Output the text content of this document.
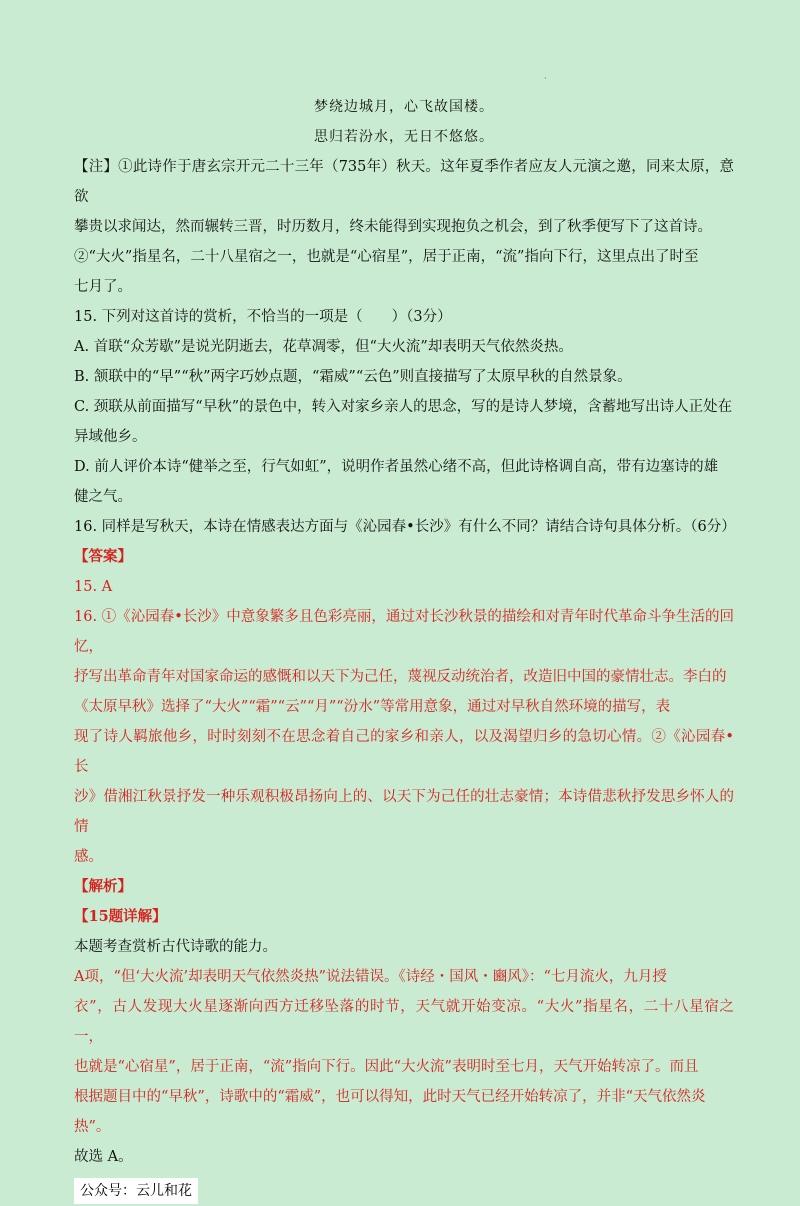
·
梦绕边城月，心飞故国楼。
思归若汾水，无日不悠悠。

【注】①此诗作于唐玄宗开元二十三年（735年）秋天。这年夏季作者应友人元演之邀，同来太原，意欲

攀贵以求闻达，然而辗转三晋，时历数月，终未能得到实现抱负之机会，到了秋季便写下了这首诗。

②“大火”指星名，二十八星宿之一，也就是“心宿星”，居于正南，“流”指向下行，这里点出了时至

七月了。

15. 下列对这首诗的赏析，不恰当的一项是（　　）（3分）

A. 首联“众芳歇”是说光阴逝去，花草凋零，但“大火流”却表明天气依然炎热。

B. 颔联中的“早”“秋”两字巧妙点题，“霜威”“云色”则直接描写了太原早秋的自然景象。

C. 颈联从前面描写“早秋”的景色中，转入对家乡亲人的思念，写的是诗人梦境，含蓄地写出诗人正处在

异域他乡。

D. 前人评价本诗“健举之至，行气如虹”，说明作者虽然心绪不高，但此诗格调自高，带有边塞诗的雄

健之气。

16. 同样是写秋天，本诗在情感表达方面与《沁园春•长沙》有什么不同？请结合诗句具体分析。（6分）

【答案】

15. A

16. ①《沁园春•长沙》中意象繁多且色彩亮丽，通过对长沙秋景的描绘和对青年时代革命斗争生活的回忆，

抒写出革命青年对国家命运的感慨和以天下为己任，蔑视反动统治者，改造旧中国的豪情壮志。李白的

《太原早秋》选择了“大火”“霜”“云”“月”“汾水”等常用意象，通过对早秋自然环境的描写，表

现了诗人羁旅他乡，时时刻刻不在思念着自己的家乡和亲人，以及渴望归乡的急切心情。②《沁园春•长

沙》借湘江秋景抒发一种乐观积极昂扬向上的、以天下为己任的壮志豪情；本诗借悲秋抒发思乡怀人的情

感。

【解析】

【15题详解】

本题考查赏析古代诗歌的能力。

A项，“但‘大火流’却表明天气依然炎热”说法错误。《诗经・国风・豳风》：“七月流火，九月授

衣”，古人发现大火星逐渐向西方迁移坠落的时节，天气就开始变凉。“大火”指星名，二十八星宿之一，

也就是“心宿星”，居于正南，“流”指向下行。因此“大火流”表明时至七月，天气开始转凉了。而且

根据题目中的“早秋”，诗歌中的“霜威”，也可以得知，此时天气已经开始转凉了，并非“天气依然炎

热”。

故选 A。

公众号：云儿和花
